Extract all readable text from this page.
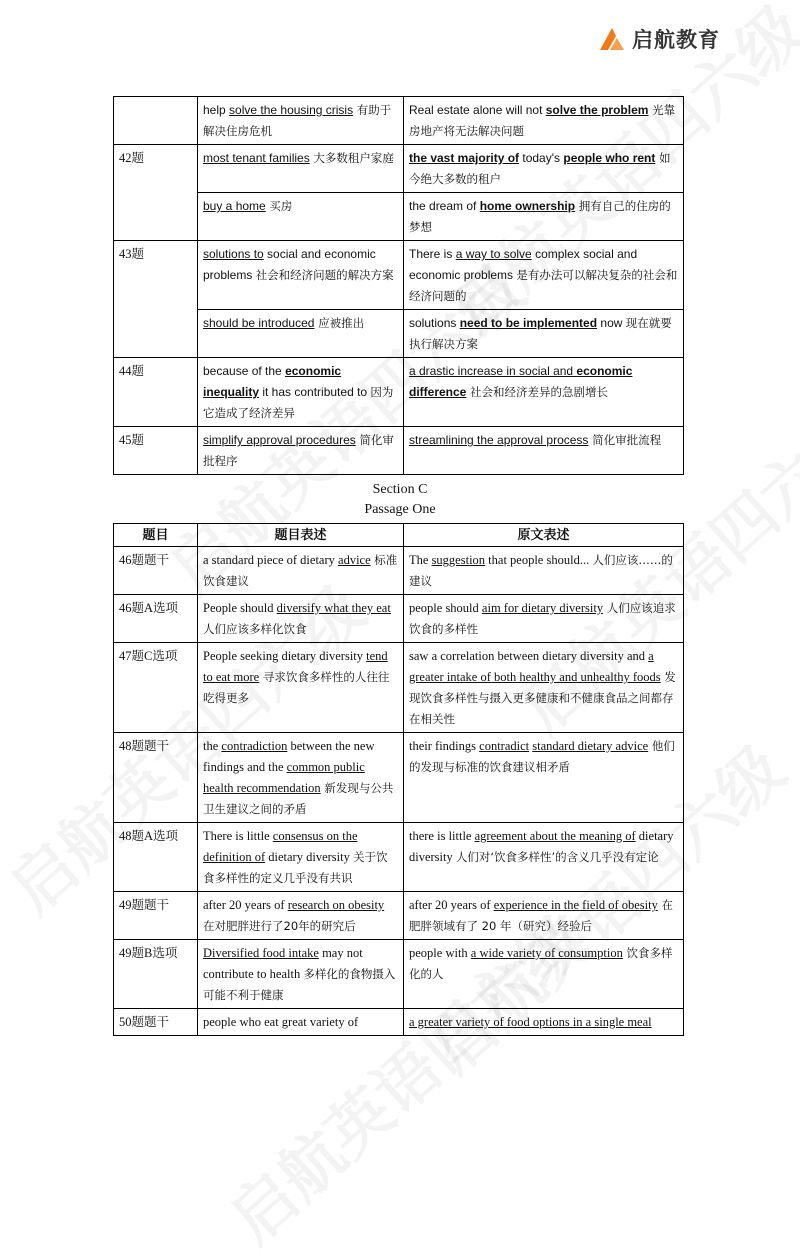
启航教育
	help solve the housing crisis 有助于解决住房危机	Real estate alone will not solve the problem 光靠房地产将无法解决问题
42题	most tenant families 大多数租户家庭	the vast majority of today's people who rent 如今绝大多数的租户
	buy a home 买房	the dream of home ownership 拥有自己的住房的梦想
43题	solutions to social and economic problems 社会和经济问题的解决方案	There is a way to solve complex social and economic problems 是有办法可以解决复杂的社会和经济问题的
	should be introduced 应被推出	solutions need to be implemented now 现在就要执行解决方案
44题	because of the economic inequality it has contributed to 因为它造成了经济差异	a drastic increase in social and economic difference 社会和经济差异的急剧增长
45题	simplify approval procedures 简化审批程序	streamlining the approval process 简化审批流程
Section C
Passage One
题目	题目表述	原文表述
46题题干	a standard piece of dietary advice 标准饮食建议	The suggestion that people should... 人们应该……的建议
46题A选项	People should diversify what they eat 人们应该多样化饮食	people should aim for dietary diversity 人们应该追求饮食的多样性
47题C选项	People seeking dietary diversity tend to eat more 寻求饮食多样性的人往往吃得更多	saw a correlation between dietary diversity and a greater intake of both healthy and unhealthy foods 发现饮食多样性与摄入更多健康和不健康食品之间都存在相关性
48题题干	the contradiction between the new findings and the common public health recommendation 新发现与公共卫生建议之间的矛盾	their findings contradict standard dietary advice 他们的发现与标准的饮食建议相矛盾
48题A选项	There is little consensus on the definition of dietary diversity 关于饮食多样性的定义几乎没有共识	there is little agreement about the meaning of dietary diversity 人们对‘饮食多样性’的含义几乎没有定论
49题题干	after 20 years of research on obesity 在对肥胖进行了20年的研究后	after 20 years of experience in the field of obesity 在肥胖领域有了 20 年（研究）经验后
49题B选项	Diversified food intake may not contribute to health 多样化的食物摄入可能不利于健康	people with a wide variety of consumption 饮食多样化的人
50题题干	people who eat great variety of	a greater variety of food options in a single meal
